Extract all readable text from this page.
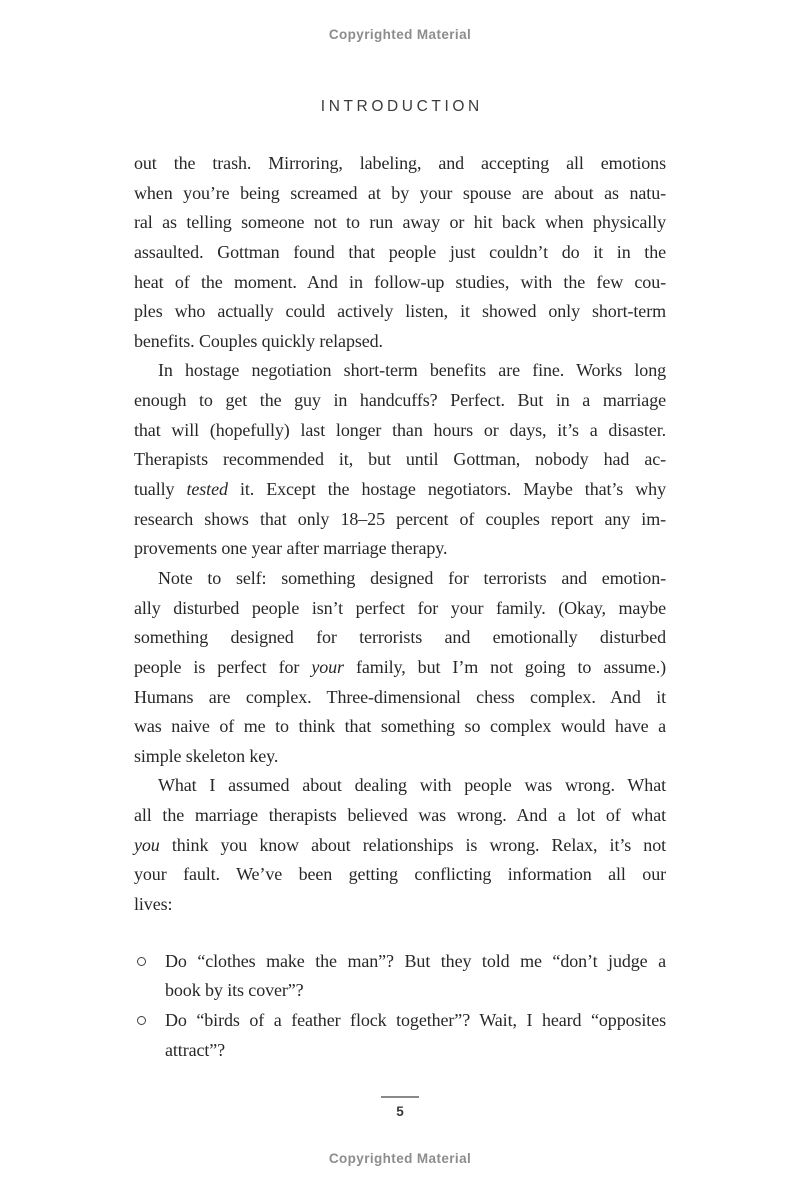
Copyrighted Material
INTRODUCTION
out the trash. Mirroring, labeling, and accepting all emotions
when you’re being screamed at by your spouse are about as natu-
ral as telling someone not to run away or hit back when physically
assaulted. Gottman found that people just couldn’t do it in the
heat of the moment. And in follow-up studies, with the few cou-
ples who actually could actively listen, it showed only short-term
benefits. Couples quickly relapsed.
In hostage negotiation short-term benefits are fine. Works long
enough to get the guy in handcuffs? Perfect. But in a marriage
that will (hopefully) last longer than hours or days, it’s a disaster.
Therapists recommended it, but until Gottman, nobody had ac-
tually tested it. Except the hostage negotiators. Maybe that’s why
research shows that only 18–25 percent of couples report any im-
provements one year after marriage therapy.
Note to self: something designed for terrorists and emotion-
ally disturbed people isn’t perfect for your family. (Okay, maybe
something designed for terrorists and emotionally disturbed
people is perfect for your family, but I’m not going to assume.)
Humans are complex. Three-dimensional chess complex. And it
was naive of me to think that something so complex would have a
simple skeleton key.
What I assumed about dealing with people was wrong. What
all the marriage therapists believed was wrong. And a lot of what
you think you know about relationships is wrong. Relax, it’s not
your fault. We’ve been getting conflicting information all our
lives:
Do “clothes make the man”? But they told me “don’t judge a
book by its cover”?
Do “birds of a feather flock together”? Wait, I heard “opposites
attract”?
5
Copyrighted Material
